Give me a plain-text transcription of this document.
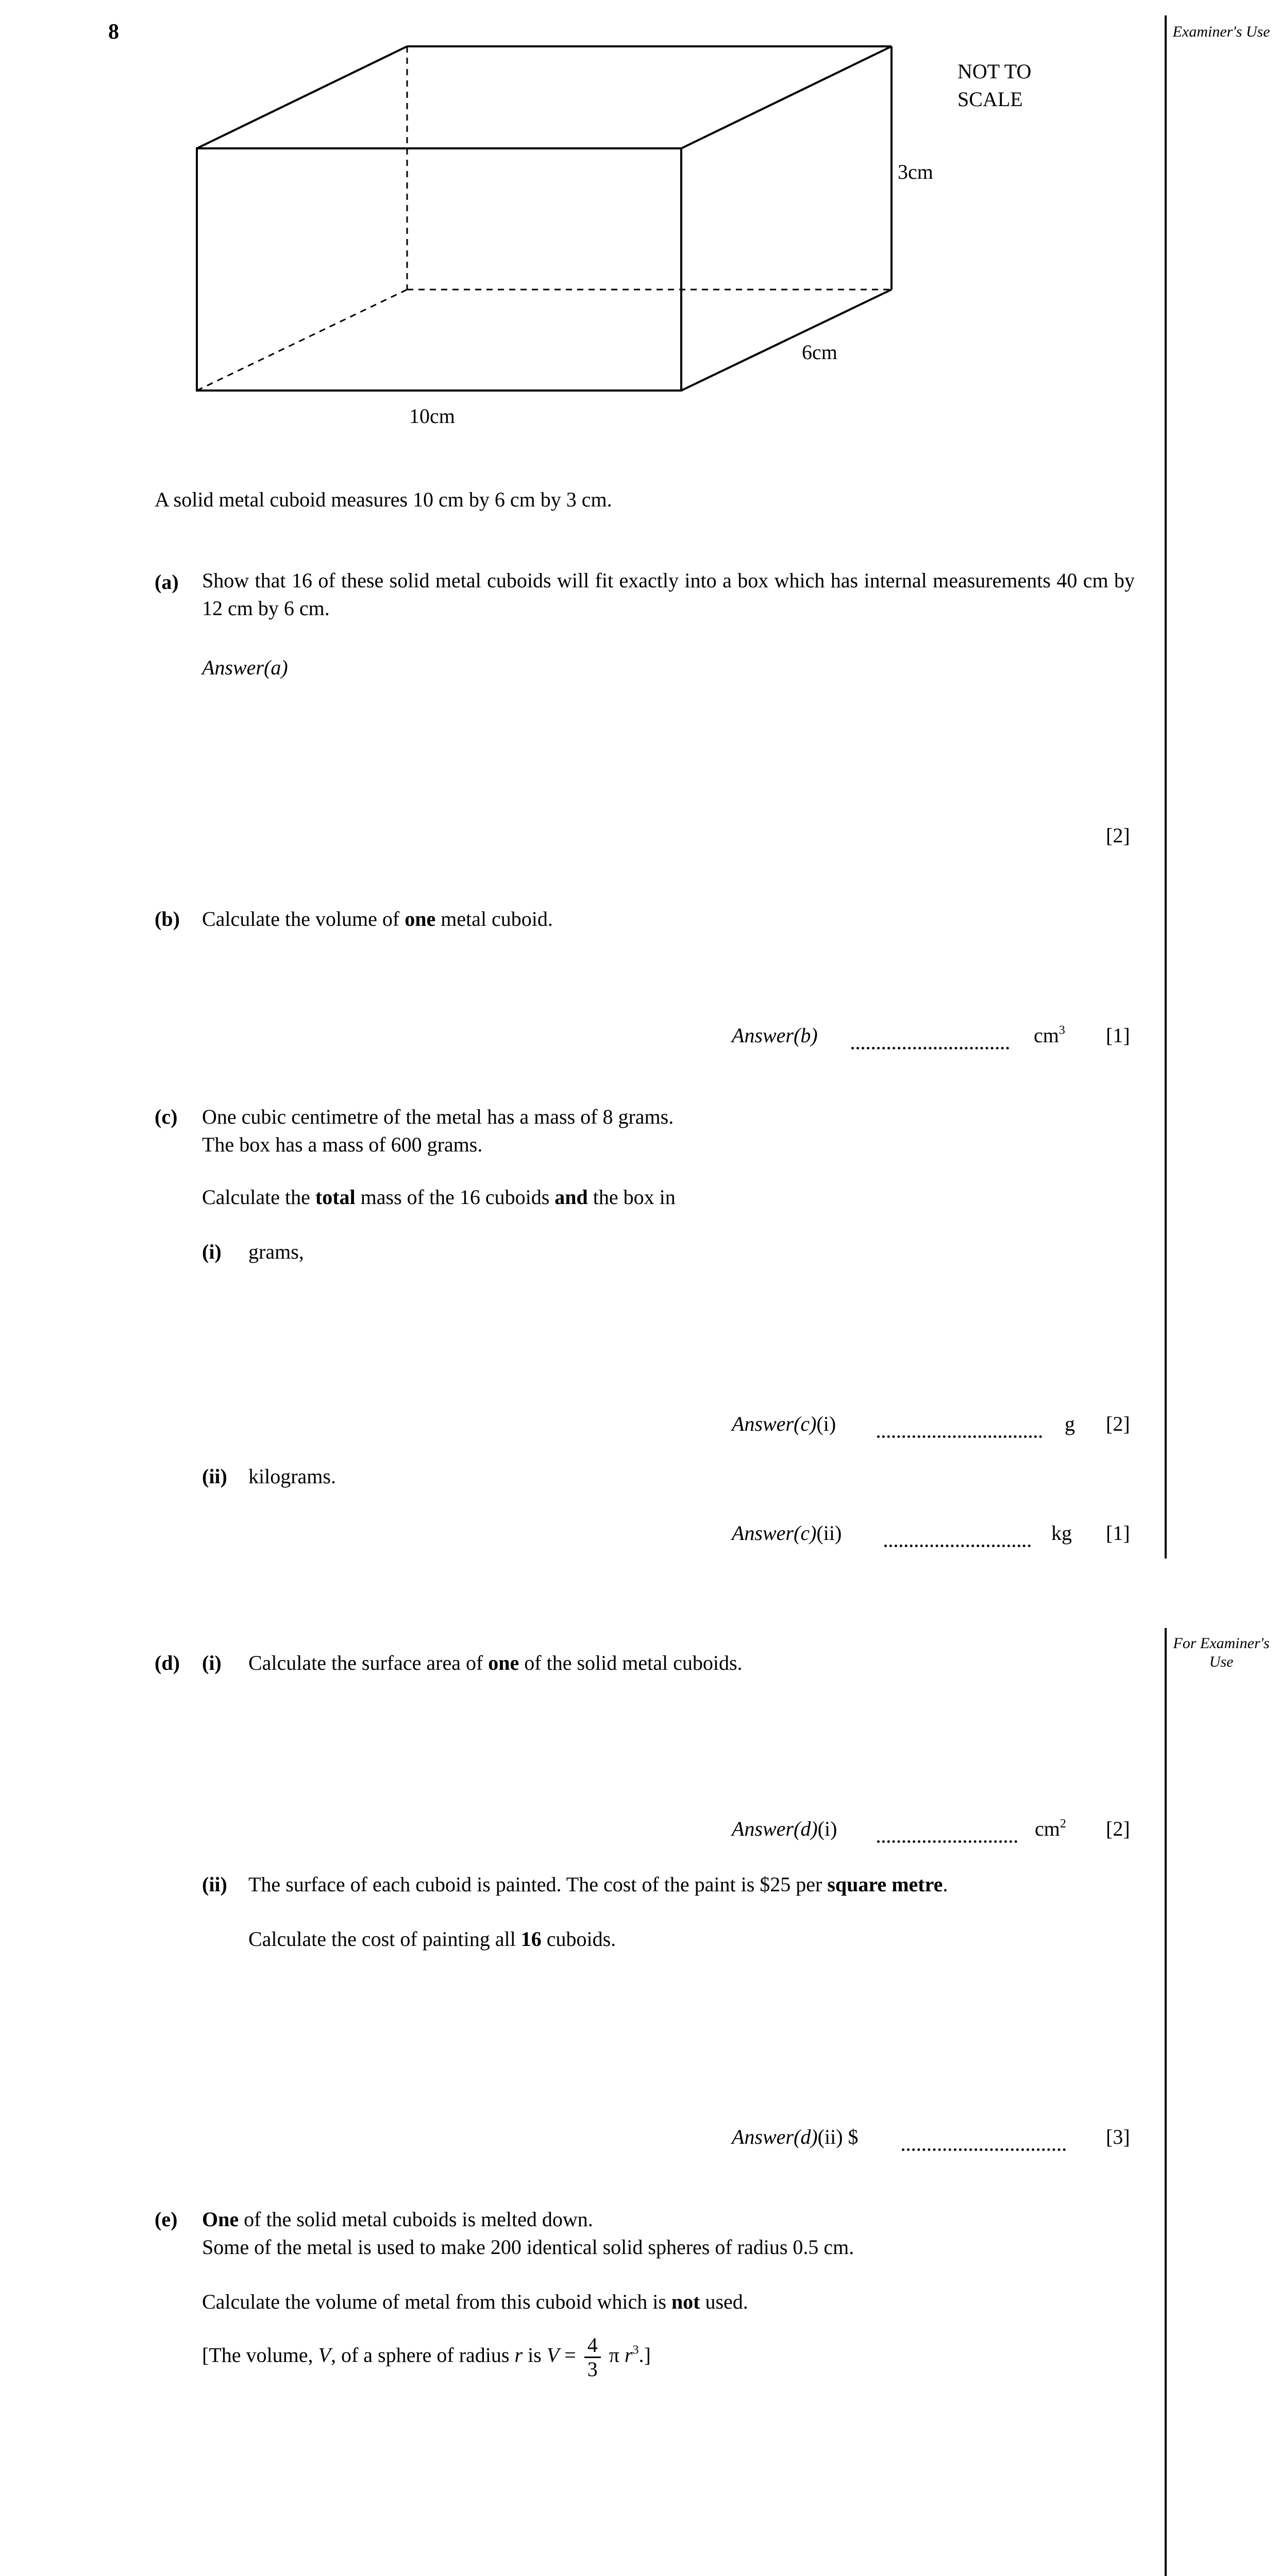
8	Examiner's Use
For Examiner's Use
NOT TO SCALE
3cm
6cm
10cm
A solid metal cuboid measures 10 cm by 6 cm by 3 cm.
(a) Show that 16 of these solid metal cuboids will fit exactly into a box which has internal measurements 40 cm by 12 cm by 6 cm.
Answer(a)
[2]
(b) Calculate the volume of one metal cuboid.
Answer(b)	$cm^3$ [1]
(c) One cubic centimetre of the metal has a mass of 8 grams.
The box has a mass of 600 grams.
Calculate the total mass of the 16 cuboids and the box in
(i) grams,
Answer(c)(i)	g [2]
(ii) kilograms.
Answer(c)(ii)	kg [1]
(d) (i) Calculate the surface area of one of the solid metal cuboids.
Answer(d)(i)	$cm^2$ [2]
(ii) The surface of each cuboid is painted. The cost of the paint is $25 per square metre.
Calculate the cost of painting all 16 cuboids.
Answer(d)(ii) $	[3]
(e) One of the solid metal cuboids is melted down.
Some of the metal is used to make 200 identical solid spheres of radius 0.5 cm.
Calculate the volume of metal from this cuboid which is not used.
[The volume, V, of a sphere of radius r is $V = \frac{4}{3}$ π $r^3$.]
